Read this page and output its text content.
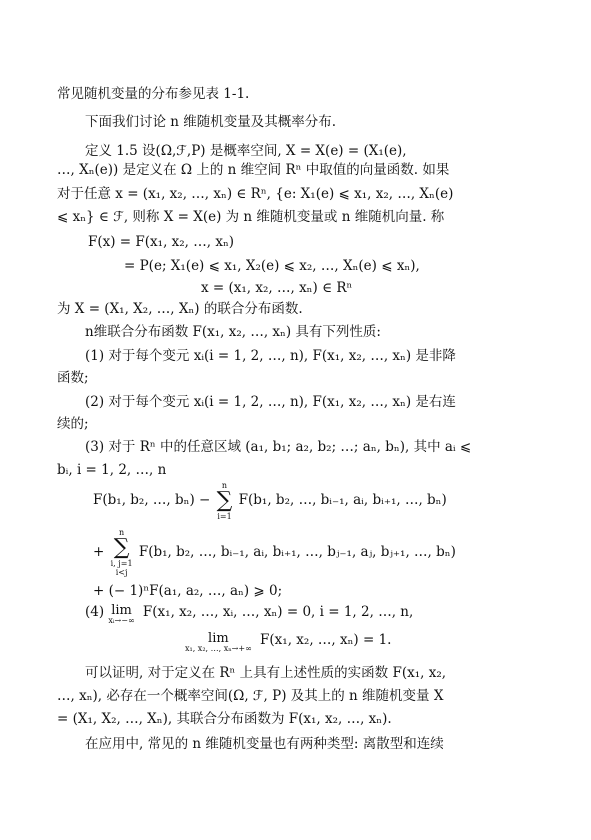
常见随机变量的分布参见表 1-1.
下面我们讨论 n 维随机变量及其概率分布.
定义 1.5 设(Ω,ℱ,P) 是概率空间, X = X(e) = (X₁(e),
…, Xₙ(e)) 是定义在 Ω 上的 n 维空间 Rⁿ 中取值的向量函数. 如果
对于任意 x = (x₁, x₂, …, xₙ) ∈ Rⁿ, {e: X₁(e) ⩽ x₁, x₂, …, Xₙ(e)
⩽ xₙ} ∈ ℱ, 则称 X = X(e) 为 n 维随机变量或 n 维随机向量. 称
F(x) = F(x₁, x₂, …, xₙ)
= P(e; X₁(e) ⩽ x₁, X₂(e) ⩽ x₂, …, Xₙ(e) ⩽ xₙ),
x = (x₁, x₂, …, xₙ) ∈ Rⁿ
为 X = (X₁, X₂, …, Xₙ) 的联合分布函数.
n维联合分布函数 F(x₁, x₂, …, xₙ) 具有下列性质:
(1) 对于每个变元 xᵢ(i = 1, 2, …, n), F(x₁, x₂, …, xₙ) 是非降
函数;
(2) 对于每个变元 xᵢ(i = 1, 2, …, n), F(x₁, x₂, …, xₙ) 是右连
续的;
(3) 对于 Rⁿ 中的任意区域 (a₁, b₁; a₂, b₂; …; aₙ, bₙ), 其中 aᵢ ⩽
bᵢ, i = 1, 2, …, n
F(b₁, b₂, …, bₙ) −
n
∑
i=1
F(b₁, b₂, …, bᵢ₋₁, aᵢ, bᵢ₊₁, …, bₙ)
+
n
∑
i, j=1
i<j
F(b₁, b₂, …, bᵢ₋₁, aᵢ, bᵢ₊₁, …, bⱼ₋₁, aⱼ, bⱼ₊₁, …, bₙ)
+ (− 1)ⁿF(a₁, a₂, …, aₙ) ⩾ 0;
(4) lim
xᵢ→−∞
F(x₁, x₂, …, xᵢ, …, xₙ) = 0, i = 1, 2, …, n,
lim
x₁, x₂, …, xₙ→+∞
F(x₁, x₂, …, xₙ) = 1.
可以证明, 对于定义在 Rⁿ 上具有上述性质的实函数 F(x₁, x₂,
…, xₙ), 必存在一个概率空间(Ω, ℱ, P) 及其上的 n 维随机变量 X
= (X₁, X₂, …, Xₙ), 其联合分布函数为 F(x₁, x₂, …, xₙ).
在应用中, 常见的 n 维随机变量也有两种类型: 离散型和连续
